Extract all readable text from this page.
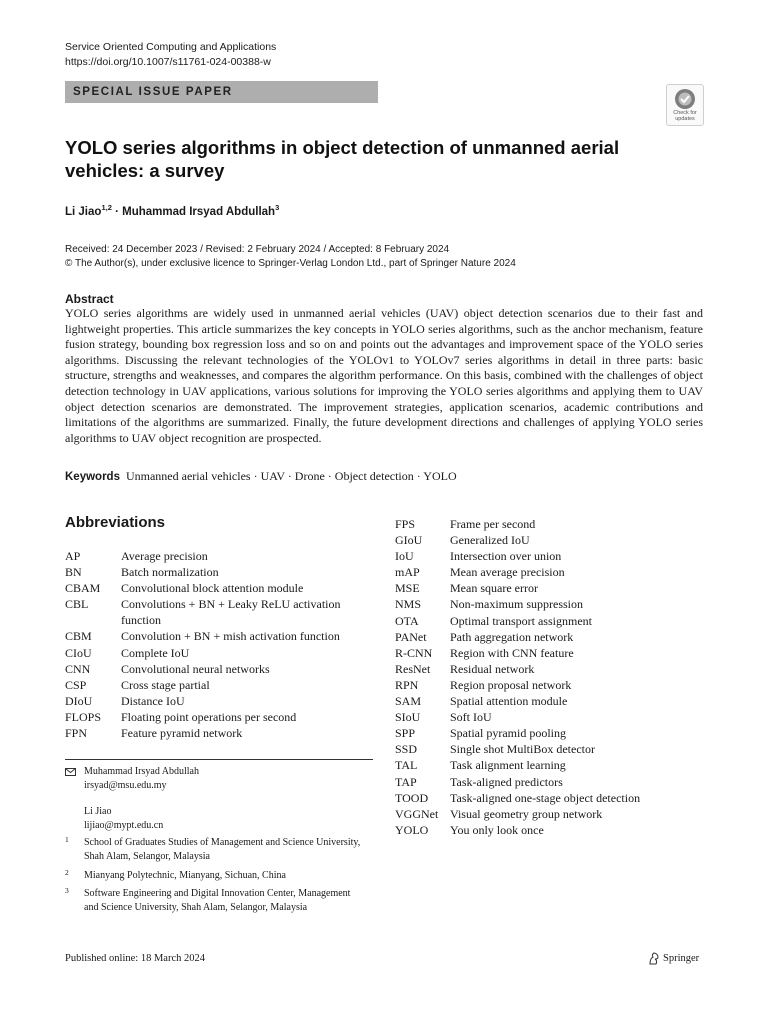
Service Oriented Computing and Applications
https://doi.org/10.1007/s11761-024-00388-w
SPECIAL ISSUE PAPER
Check for updates
YOLO series algorithms in object detection of unmanned aerial vehicles: a survey
Li Jiao$^{1,2}$ · Muhammad Irsyad Abdullah$^3$
Received: 24 December 2023 / Revised: 2 February 2024 / Accepted: 8 February 2024
© The Author(s), under exclusive licence to Springer-Verlag London Ltd., part of Springer Nature 2024
Abstract
YOLO series algorithms are widely used in unmanned aerial vehicles (UAV) object detection scenarios due to their fast and lightweight properties. This article summarizes the key concepts in YOLO series algorithms, such as the anchor mechanism, feature fusion strategy, bounding box regression loss and so on and points out the advantages and improvement space of the YOLO series algorithms. Discussing the relevant technologies of the YOLOv1 to YOLOv7 series algorithms in detail in three parts: basic structure, strengths and weaknesses, and compares the algorithm performance. On this basis, combined with the challenges of object detection technology in UAV applications, various solutions for improving the YOLO series algorithms and applying them to UAV object detection scenarios are demonstrated. The improvement strategies, application scenarios, academic contributions and limitations of the algorithms are summarized. Finally, the future development directions and challenges of applying YOLO series algorithms to UAV object recognition are prospected.
Keywords Unmanned aerial vehicles · UAV · Drone · Object detection · YOLO
Abbreviations
AP	Average precision
BN	Batch normalization
CBAM	Convolutional block attention module
CBL	Convolutions + BN + Leaky ReLU activation function
CBM	Convolution + BN + mish activation function
CIoU	Complete IoU
CNN	Convolutional neural networks
CSP	Cross stage partial
DIoU	Distance IoU
FLOPS	Floating point operations per second
FPN	Feature pyramid network
FPS	Frame per second
GIoU	Generalized IoU
IoU	Intersection over union
mAP	Mean average precision
MSE	Mean square error
NMS	Non-maximum suppression
OTA	Optimal transport assignment
PANet	Path aggregation network
R-CNN	Region with CNN feature
ResNet	Residual network
RPN	Region proposal network
SAM	Spatial attention module
SIoU	Soft IoU
SPP	Spatial pyramid pooling
SSD	Single shot MultiBox detector
TAL	Task alignment learning
TAP	Task-aligned predictors
TOOD	Task-aligned one-stage object detection
VGGNet Visual geometry group network
YOLO	You only look once
Muhammad Irsyad Abdullah
irsyad@msu.edu.my
Li Jiao
lijiao@mypt.edu.cn
1	School of Graduates Studies of Management and Science University, Shah Alam, Selangor, Malaysia
2	Mianyang Polytechnic, Mianyang, Sichuan, China
3	Software Engineering and Digital Innovation Center, Management and Science University, Shah Alam, Selangor, Malaysia
Published online: 18 March 2024	Springer
